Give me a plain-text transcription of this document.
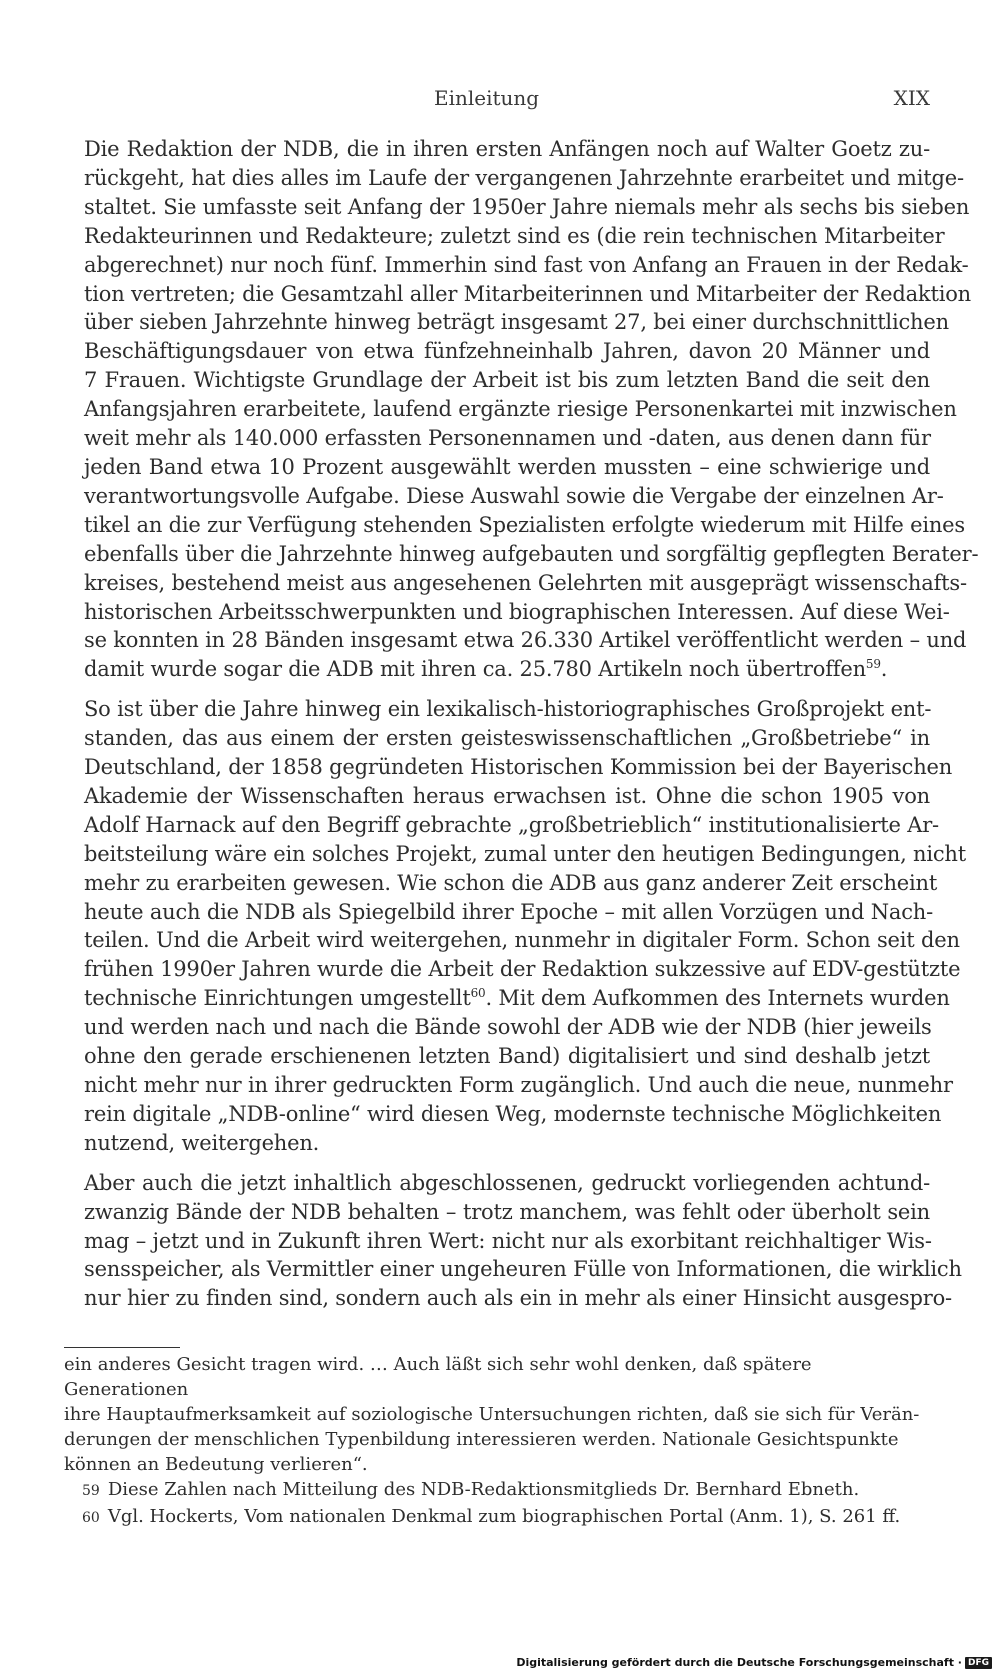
Einleitung	XIX

Die Redaktion der NDB, die in ihren ersten Anfängen noch auf Walter Goetz zu-
rückgeht, hat dies alles im Laufe der vergangenen Jahrzehnte erarbeitet und mitge-
staltet. Sie umfasste seit Anfang der 1950er Jahre niemals mehr als sechs bis sieben
Redakteurinnen und Redakteure; zuletzt sind es (die rein technischen Mitarbeiter
abgerechnet) nur noch fünf. Immerhin sind fast von Anfang an Frauen in der Redak-
tion vertreten; die Gesamtzahl aller Mitarbeiterinnen und Mitarbeiter der Redaktion
über sieben Jahrzehnte hinweg beträgt insgesamt 27, bei einer durchschnittlichen
Beschäftigungsdauer von etwa fünfzehneinhalb Jahren, davon 20 Männer und
7 Frauen. Wichtigste Grundlage der Arbeit ist bis zum letzten Band die seit den
Anfangsjahren erarbeitete, laufend ergänzte riesige Personenkartei mit inzwischen
weit mehr als 140.000 erfassten Personennamen und -daten, aus denen dann für
jeden Band etwa 10 Prozent ausgewählt werden mussten – eine schwierige und
verantwortungsvolle Aufgabe. Diese Auswahl sowie die Vergabe der einzelnen Ar-
tikel an die zur Verfügung stehenden Spezialisten erfolgte wiederum mit Hilfe eines
ebenfalls über die Jahrzehnte hinweg aufgebauten und sorgfältig gepflegten Berater-
kreises, bestehend meist aus angesehenen Gelehrten mit ausgeprägt wissenschafts-
historischen Arbeitsschwerpunkten und biographischen Interessen. Auf diese Wei-
se konnten in 28 Bänden insgesamt etwa 26.330 Artikel veröffentlicht werden – und
damit wurde sogar die ADB mit ihren ca. 25.780 Artikeln noch übertroffen$^{59}$.

So ist über die Jahre hinweg ein lexikalisch-historiographisches Großprojekt ent-
standen, das aus einem der ersten geisteswissenschaftlichen „Großbetriebe“ in
Deutschland, der 1858 gegründeten Historischen Kommission bei der Bayerischen
Akademie der Wissenschaften heraus erwachsen ist. Ohne die schon 1905 von
Adolf Harnack auf den Begriff gebrachte „großbetrieblich“ institutionalisierte Ar-
beitsteilung wäre ein solches Projekt, zumal unter den heutigen Bedingungen, nicht
mehr zu erarbeiten gewesen. Wie schon die ADB aus ganz anderer Zeit erscheint
heute auch die NDB als Spiegelbild ihrer Epoche – mit allen Vorzügen und Nach-
teilen. Und die Arbeit wird weitergehen, nunmehr in digitaler Form. Schon seit den
frühen 1990er Jahren wurde die Arbeit der Redaktion sukzessive auf EDV-gestützte
technische Einrichtungen umgestellt$^{60}$. Mit dem Aufkommen des Internets wurden
und werden nach und nach die Bände sowohl der ADB wie der NDB (hier jeweils
ohne den gerade erschienenen letzten Band) digitalisiert und sind deshalb jetzt
nicht mehr nur in ihrer gedruckten Form zugänglich. Und auch die neue, nunmehr
rein digitale „NDB-online“ wird diesen Weg, modernste technische Möglichkeiten
nutzend, weitergehen.

Aber auch die jetzt inhaltlich abgeschlossenen, gedruckt vorliegenden achtund-
zwanzig Bände der NDB behalten – trotz manchem, was fehlt oder überholt sein
mag – jetzt und in Zukunft ihren Wert: nicht nur als exorbitant reichhaltiger Wis-
sensspeicher, als Vermittler einer ungeheuren Fülle von Informationen, die wirklich
nur hier zu finden sind, sondern auch als ein in mehr als einer Hinsicht ausgespro-

ein anderes Gesicht tragen wird. … Auch läßt sich sehr wohl denken, daß spätere Generationen
ihre Hauptaufmerksamkeit auf soziologische Untersuchungen richten, daß sie sich für Verän-
derungen der menschlichen Typenbildung interessieren werden. Nationale Gesichtspunkte
können an Bedeutung verlieren“.

59 Diese Zahlen nach Mitteilung des NDB-Redaktionsmitglieds Dr. Bernhard Ebneth.

60 Vgl. Hockerts, Vom nationalen Denkmal zum biographischen Portal (Anm. 1), S. 261 ff.

Digitalisierung gefördert durch die Deutsche Forschungsgemeinschaft · DFG
